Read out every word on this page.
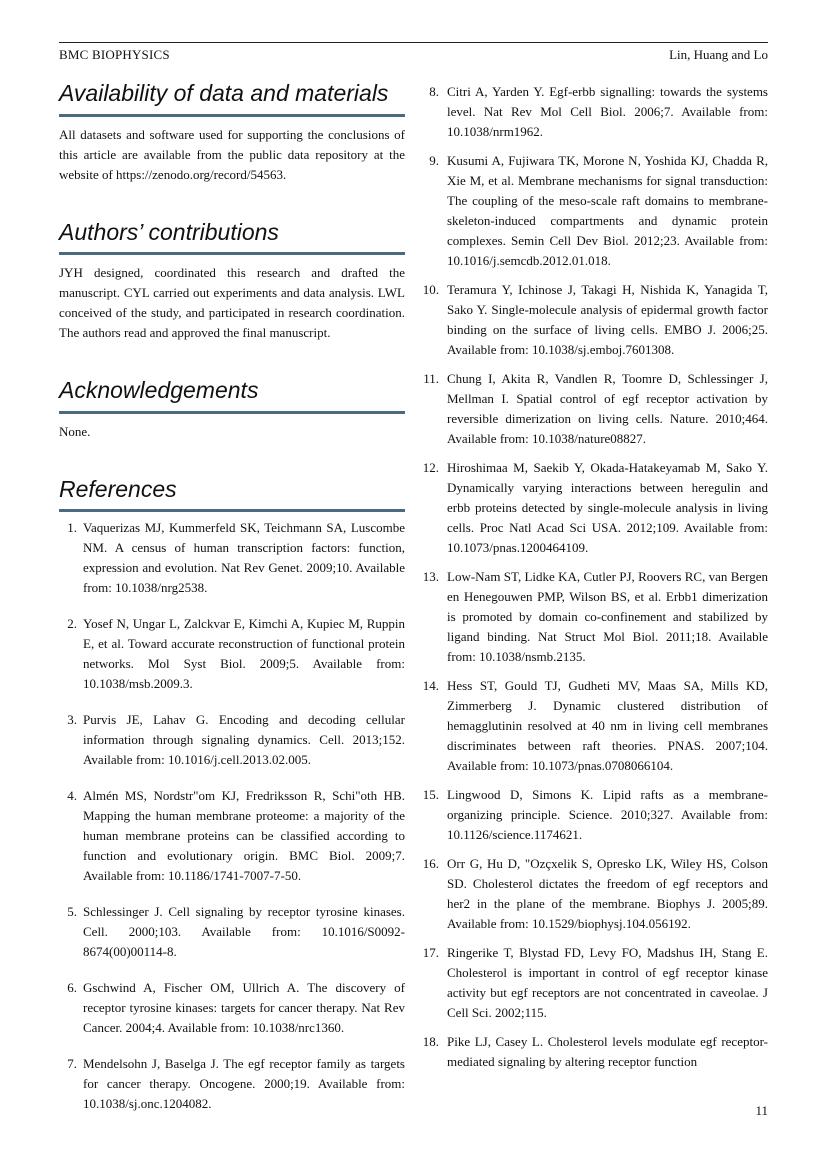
BMC BIOPHYSICS	Lin, Huang and Lo
Availability of data and materials

All datasets and software used for supporting the conclusions of this article are available from the public data repository at the website of https://zenodo.org/record/54563.

Authors’ contributions

JYH designed, coordinated this research and drafted the manuscript. CYL carried out experiments and data analysis. LWL conceived of the study, and participated in research coordination. The authors read and approved the final manuscript.

Acknowledgements

None.

References
1. Vaquerizas MJ, Kummerfeld SK, Teichmann SA, Luscombe NM. A census of human transcription factors: function, expression and evolution. Nat Rev Genet. 2009;10. Available from: 10.1038/nrg2538.
2. Yosef N, Ungar L, Zalckvar E, Kimchi A, Kupiec M, Ruppin E, et al. Toward accurate reconstruction of functional protein networks. Mol Syst Biol. 2009;5. Available from: 10.1038/msb.2009.3.
3. Purvis JE, Lahav G. Encoding and decoding cellular information through signaling dynamics. Cell. 2013;152. Available from: 10.1016/j.cell.2013.02.005.
4. Almén MS, Nordstr"om KJ, Fredriksson R, Schi"oth HB. Mapping the human membrane proteome: a majority of the human membrane proteins can be classified according to function and evolutionary origin. BMC Biol. 2009;7. Available from: 10.1186/1741-7007-7-50.
5. Schlessinger J. Cell signaling by receptor tyrosine kinases. Cell. 2000;103. Available from: 10.1016/S0092-8674(00)00114-8.
6. Gschwind A, Fischer OM, Ullrich A. The discovery of receptor tyrosine kinases: targets for cancer therapy. Nat Rev Cancer. 2004;4. Available from: 10.1038/nrc1360.
7. Mendelsohn J, Baselga J. The egf receptor family as targets for cancer therapy. Oncogene. 2000;19. Available from: 10.1038/sj.onc.1204082.
8. Citri A, Yarden Y. Egf-erbb signalling: towards the systems level. Nat Rev Mol Cell Biol. 2006;7. Available from: 10.1038/nrm1962.
9. Kusumi A, Fujiwara TK, Morone N, Yoshida KJ, Chadda R, Xie M, et al. Membrane mechanisms for signal transduction: The coupling of the meso-scale raft domains to membrane-skeleton-induced compartments and dynamic protein complexes. Semin Cell Dev Biol. 2012;23. Available from: 10.1016/j.semcdb.2012.01.018.
10. Teramura Y, Ichinose J, Takagi H, Nishida K, Yanagida T, Sako Y. Single-molecule analysis of epidermal growth factor binding on the surface of living cells. EMBO J. 2006;25. Available from: 10.1038/sj.emboj.7601308.
11. Chung I, Akita R, Vandlen R, Toomre D, Schlessinger J, Mellman I. Spatial control of egf receptor activation by reversible dimerization on living cells. Nature. 2010;464. Available from: 10.1038/nature08827.
12. Hiroshimaa M, Saekib Y, Okada-Hatakeyamab M, Sako Y. Dynamically varying interactions between heregulin and erbb proteins detected by single-molecule analysis in living cells. Proc Natl Acad Sci USA. 2012;109. Available from: 10.1073/pnas.1200464109.
13. Low-Nam ST, Lidke KA, Cutler PJ, Roovers RC, van Bergen en Henegouwen PMP, Wilson BS, et al. Erbb1 dimerization is promoted by domain co-confinement and stabilized by ligand binding. Nat Struct Mol Biol. 2011;18. Available from: 10.1038/nsmb.2135.
14. Hess ST, Gould TJ, Gudheti MV, Maas SA, Mills KD, Zimmerberg J. Dynamic clustered distribution of hemagglutinin resolved at 40 nm in living cell membranes discriminates between raft theories. PNAS. 2007;104. Available from: 10.1073/pnas.0708066104.
15. Lingwood D, Simons K. Lipid rafts as a membrane-organizing principle. Science. 2010;327. Available from: 10.1126/science.1174621.
16. Orr G, Hu D, "Ozçxelik S, Opresko LK, Wiley HS, Colson SD. Cholesterol dictates the freedom of egf receptors and her2 in the plane of the membrane. Biophys J. 2005;89. Available from: 10.1529/biophysj.104.056192.
17. Ringerike T, Blystad FD, Levy FO, Madshus IH, Stang E. Cholesterol is important in control of egf receptor kinase activity but egf receptors are not concentrated in caveolae. J Cell Sci. 2002;115.
18. Pike LJ, Casey L. Cholesterol levels modulate egf receptor-mediated signaling by altering receptor function
11
